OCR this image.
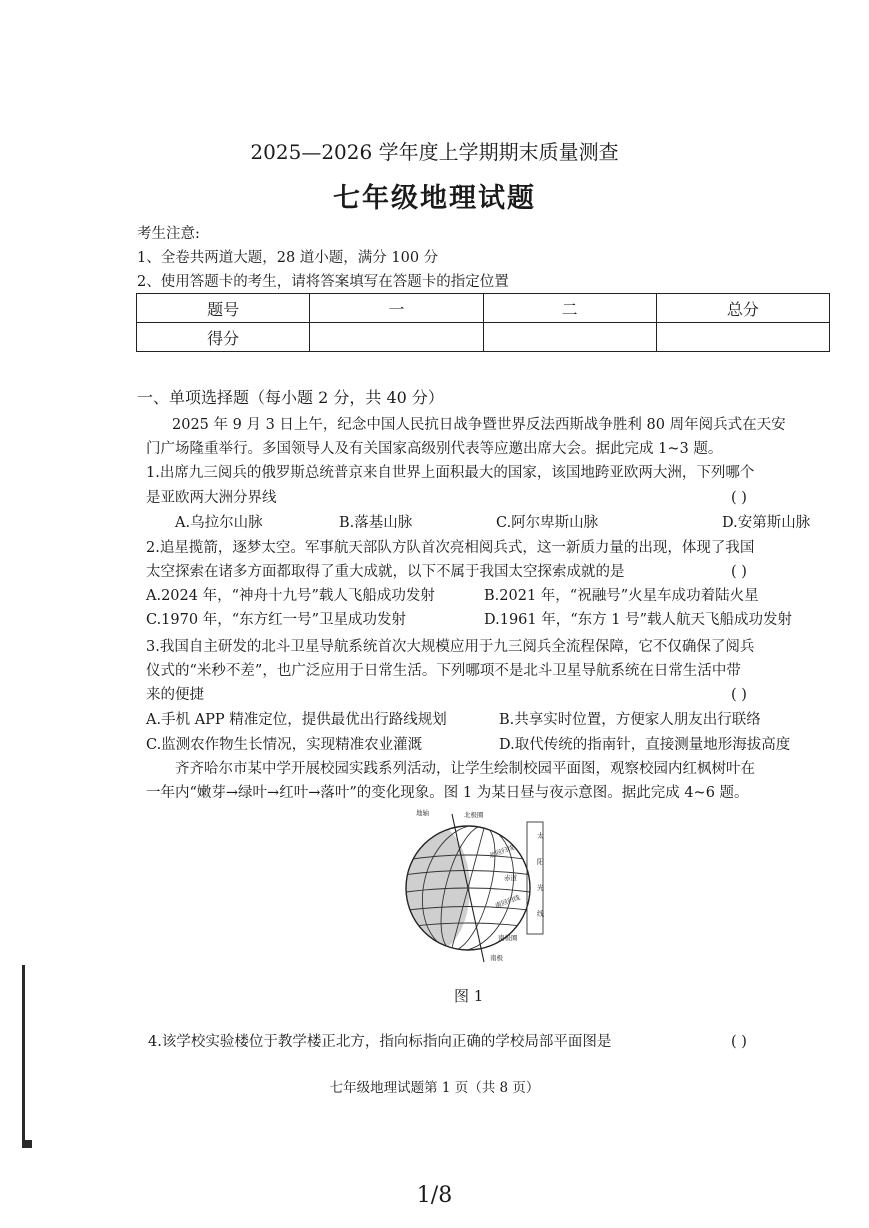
2025—2026 学年度上学期期末质量测查
七年级地理试题
考生注意:
1、全卷共两道大题，28 道小题，满分 100 分
2、使用答题卡的考生，请将答案填写在答题卡的指定位置
题号	一	二	总分
得分			
一、单项选择题（每小题 2 分，共 40 分）
2025 年 9 月 3 日上午，纪念中国人民抗日战争暨世界反法西斯战争胜利 80 周年阅兵式在天安
门广场隆重举行。多国领导人及有关国家高级别代表等应邀出席大会。据此完成 1~3 题。
1.出席九三阅兵的俄罗斯总统普京来自世界上面积最大的国家，该国地跨亚欧两大洲，下列哪个
是亚欧两大洲分界线	( )
A.乌拉尔山脉	B.落基山脉	C.阿尔卑斯山脉	D.安第斯山脉
2.追星揽箭，逐梦太空。军事航天部队方队首次亮相阅兵式，这一新质力量的出现，体现了我国
太空探索在诸多方面都取得了重大成就，以下不属于我国太空探索成就的是	( )
A.2024 年，“神舟十九号”载人飞船成功发射	B.2021 年，“祝融号”火星车成功着陆火星
C.1970 年，“东方红一号”卫星成功发射	D.1961 年，“东方 1 号”载人航天飞船成功发射
3.我国自主研发的北斗卫星导航系统首次大规模应用于九三阅兵全流程保障，它不仅确保了阅兵
仪式的“米秒不差”，也广泛应用于日常生活。下列哪项不是北斗卫星导航系统在日常生活中带
来的便捷	( )
A.手机 APP 精准定位，提供最优出行路线规划	B.共享实时位置，方便家人朋友出行联络
C.监测农作物生长情况，实现精准农业灌溉	D.取代传统的指南针，直接测量地形海拔高度
齐齐哈尔市某中学开展校园实践系列活动，让学生绘制校园平面图，观察校园内红枫树叶在
一年内“嫩芽→绿叶→红叶→落叶”的变化现象。图 1 为某日昼与夜示意图。据此完成 4~6 题。
地轴	北极圈
北回归线
赤道
南回归线
南极圈
南极
太
阳
光
线
图 1
4.该学校实验楼位于教学楼正北方，指向标指向正确的学校局部平面图是	( )
七年级地理试题第 1 页（共 8 页）
1/8
